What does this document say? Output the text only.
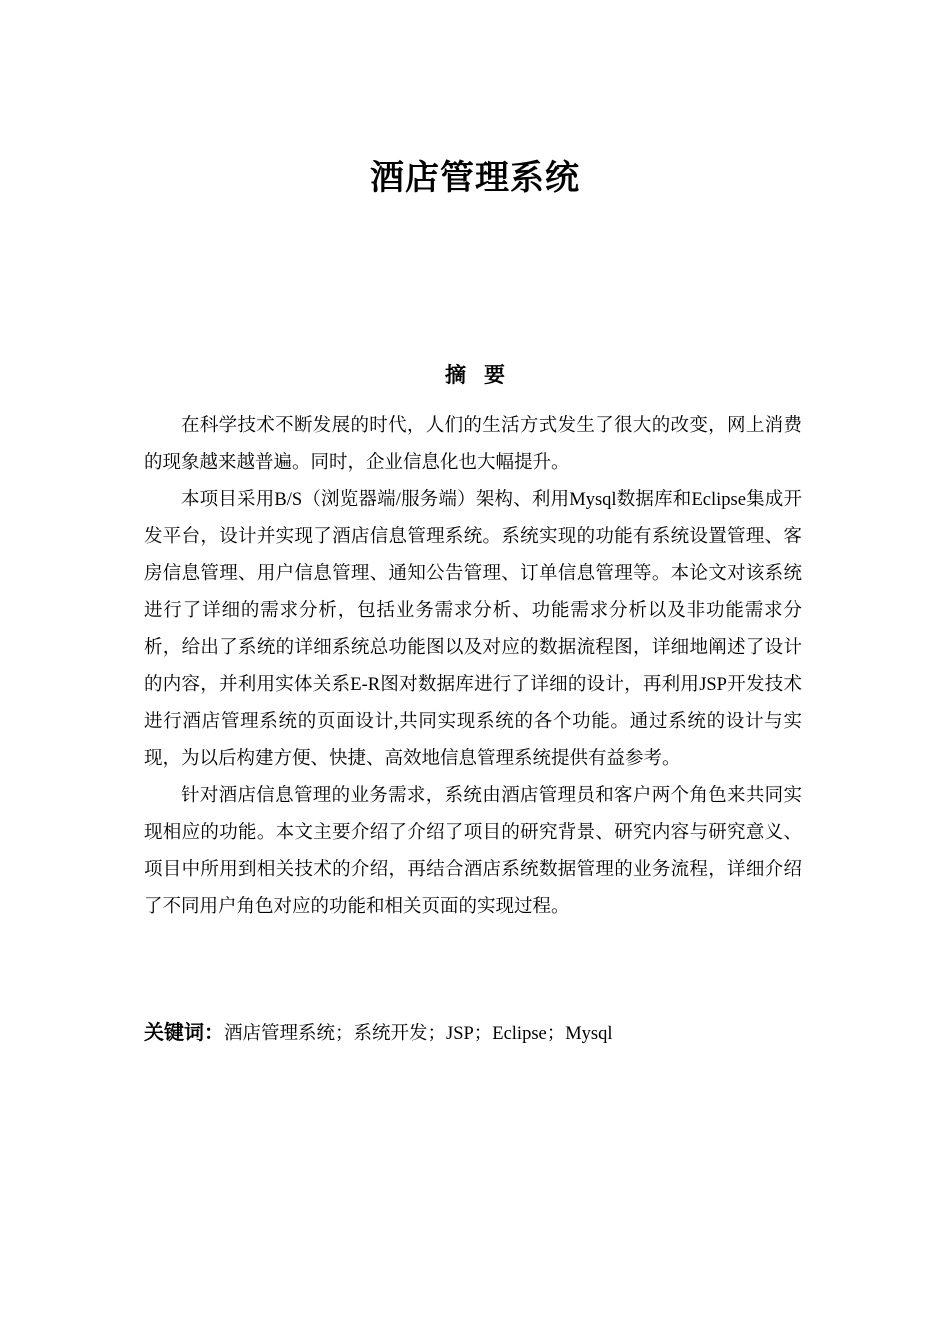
酒店管理系统
摘要

在科学技术不断发展的时代，人们的生活方式发生了很大的改变，网上消费的现象越来越普遍。同时，企业信息化也大幅提升。

本项目采用B/S（浏览器端/服务端）架构、利用Mysql数据库和Eclipse集成开发平台，设计并实现了酒店信息管理系统。系统实现的功能有系统设置管理、客房信息管理、用户信息管理、通知公告管理、订单信息管理等。本论文对该系统进行了详细的需求分析，包括业务需求分析、功能需求分析以及非功能需求分析，给出了系统的详细系统总功能图以及对应的数据流程图，详细地阐述了设计的内容，并利用实体关系E-R图对数据库进行了详细的设计，再利用JSP开发技术进行酒店管理系统的页面设计,共同实现系统的各个功能。通过系统的设计与实现，为以后构建方便、快捷、高效地信息管理系统提供有益参考。

针对酒店信息管理的业务需求，系统由酒店管理员和客户两个角色来共同实现相应的功能。本文主要介绍了介绍了项目的研究背景、研究内容与研究意义、项目中所用到相关技术的介绍，再结合酒店系统数据管理的业务流程，详细介绍了不同用户角色对应的功能和相关页面的实现过程。

关键词：酒店管理系统；系统开发；JSP；Eclipse；Mysql
